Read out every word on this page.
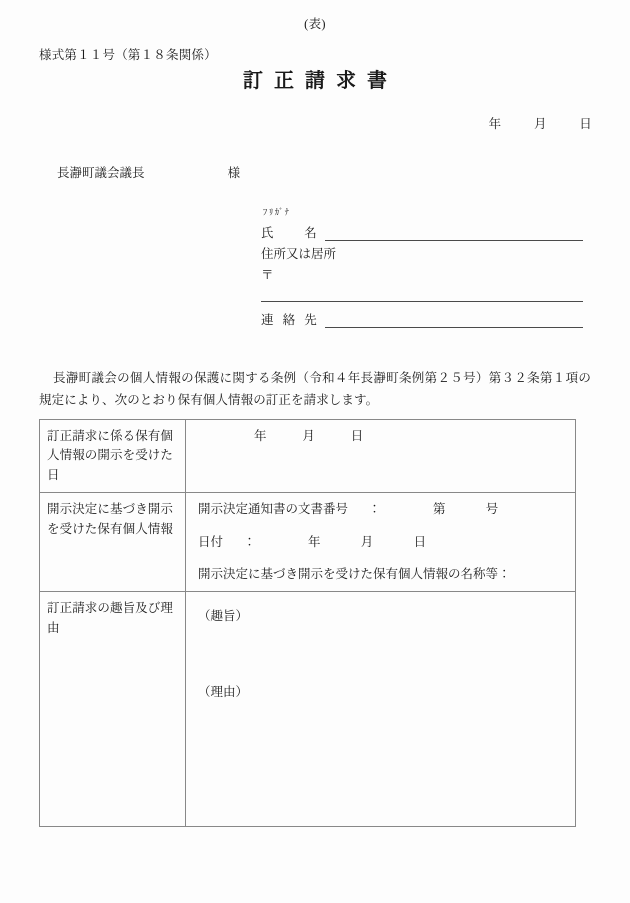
(表)
様式第１１号（第１８条関係）
訂正請求書
年	月	日
長瀞町議会議長	様
ﾌﾘｶﾞﾅ
氏名
住所又は居所
〒
連絡先
長瀞町議会の個人情報の保護に関する条例（令和４年長瀞町条例第２５号）第３２条第１項の規定により、次のとおり保有個人情報の訂正を請求します。
訂正請求に係る保有個人情報の開示を受けた日	年 月 日

開示決定に基づき開示を受けた保有個人情報	開示決定通知書の文書番号 ： 第 号
日付 ： 年 月 日
開示決定に基づき開示を受けた保有個人情報の名称等：

訂正請求の趣旨及び理由	（趣旨）
（理由）
